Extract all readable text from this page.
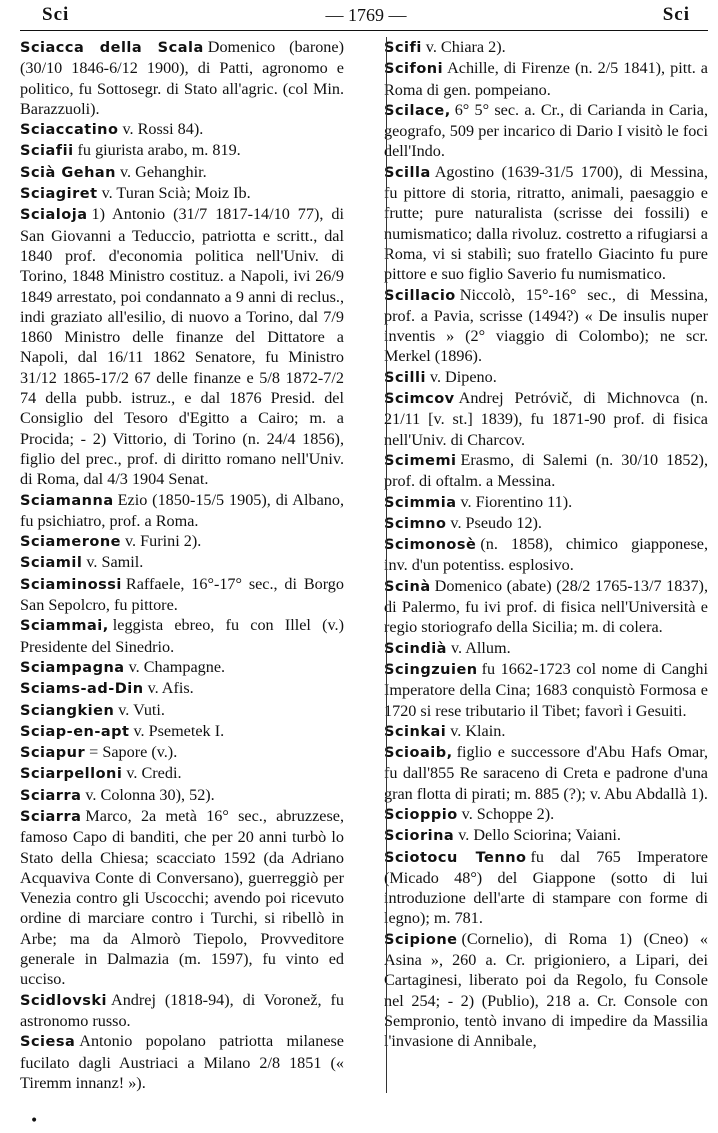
Sci	— 1769 —	Sci
Sciacca della Scala Domenico (barone) (30/10 1846-6/12 1900), di Patti, agronomo e politico, fu Sottosegr. di Stato all'agric. (col Min. Barazzuoli).
Sciaccatino v. Rossi 84).
Sciafii fu giurista arabo, m. 819.
Scià Gehan v. Gehanghir.
Sciagiret v. Turan Scià; Moiz Ib.
Scialoja 1) Antonio (31/7 1817-14/10 77), di San Giovanni a Teduccio, patriotta e scritt., dal 1840 prof. d'economia politica nell'Univ. di Torino, 1848 Ministro costituz. a Napoli, ivi 26/9 1849 arrestato, poi condannato a 9 anni di reclus., indi graziato all'esilio, di nuovo a Torino, dal 7/9 1860 Ministro delle finanze del Dittatore a Napoli, dal 16/11 1862 Senatore, fu Ministro 31/12 1865-17/2 67 delle finanze e 5/8 1872-7/2 74 della pubb. istruz., e dal 1876 Presid. del Consiglio del Tesoro d'Egitto a Cairo; m. a Procida; - 2) Vittorio, di Torino (n. 24/4 1856), figlio del prec., prof. di diritto romano nell'Univ. di Roma, dal 4/3 1904 Senat.
Sciamanna Ezio (1850-15/5 1905), di Albano, fu psichiatro, prof. a Roma.
Sciamerone v. Furini 2).
Sciamil v. Samil.
Sciaminossi Raffaele, 16°-17° sec., di Borgo San Sepolcro, fu pittore.
Sciammai, leggista ebreo, fu con Illel (v.) Presidente del Sinedrio.
Sciampagna v. Champagne.
Sciams-ad-Din v. Afis.
Sciangkien v. Vuti.
Sciap-en-apt v. Psemetek I.
Sciapur = Sapore (v.).
Sciarpelloni v. Credi.
Sciarra v. Colonna 30), 52).
Sciarra Marco, 2a metà 16° sec., abruzzese, famoso Capo di banditi, che per 20 anni turbò lo Stato della Chiesa; scacciato 1592 (da Adriano Acquaviva Conte di Conversano), guerreggiò per Venezia contro gli Uscocchi; avendo poi ricevuto ordine di marciare contro i Turchi, si ribellò in Arbe; ma da Almorò Tiepolo, Provveditore generale in Dalmazia (m. 1597), fu vinto ed ucciso.
Scidlovski Andrej (1818-94), di Voronež, fu astronomo russo.
Sciesa Antonio popolano patriotta milanese fucilato dagli Austriaci a Milano 2/8 1851 (« Tiremm innanz! »).
Scifi v. Chiara 2).
Scifoni Achille, di Firenze (n. 2/5 1841), pitt. a Roma di gen. pompeiano.
Scilace, 6° 5° sec. a. Cr., di Carianda in Caria, geografo, 509 per incarico di Dario I visitò le foci dell'Indo.
Scilla Agostino (1639-31/5 1700), di Messina, fu pittore di storia, ritratto, animali, paesaggio e frutte; pure naturalista (scrisse dei fossili) e numismatico; dalla rivoluz. costretto a rifugiarsi a Roma, vi si stabilì; suo fratello Giacinto fu pure pittore e suo figlio Saverio fu numismatico.
Scillacio Niccolò, 15°-16° sec., di Messina, prof. a Pavia, scrisse (1494?) « De insulis nuper inventis » (2° viaggio di Colombo); ne scr. Merkel (1896).
Scilli v. Dipeno.
Scimcov Andrej Petróvič, di Michnovca (n. 21/11 [v. st.] 1839), fu 1871-90 prof. di fisica nell'Univ. di Charcov.
Scimemi Erasmo, di Salemi (n. 30/10 1852), prof. di oftalm. a Messina.
Scimmia v. Fiorentino 11).
Scimno v. Pseudo 12).
Scimonosè (n. 1858), chimico giapponese, inv. d'un potentiss. esplosivo.
Scinà Domenico (abate) (28/2 1765-13/7 1837), di Palermo, fu ivi prof. di fisica nell'Università e regio storiografo della Sicilia; m. di colera.
Scindià v. Allum.
Scingzuien fu 1662-1723 col nome di Canghi Imperatore della Cina; 1683 conquistò Formosa e 1720 si rese tributario il Tibet; favorì i Gesuiti.
Scinkai v. Klain.
Scioaib, figlio e successore d'Abu Hafs Omar, fu dall'855 Re saraceno di Creta e padrone d'una gran flotta di pirati; m. 885 (?); v. Abu Abdallà 1).
Scioppio v. Schoppe 2).
Sciorina v. Dello Sciorina; Vaiani.
Sciotocu Tenno fu dal 765 Imperatore (Micado 48°) del Giappone (sotto di lui introduzione dell'arte di stampare con forme di legno); m. 781.
Scipione (Cornelio), di Roma 1) (Cneo) « Asina », 260 a. Cr. prigioniero, a Lipari, dei Cartaginesi, liberato poi da Regolo, fu Console nel 254; - 2) (Publio), 218 a. Cr. Console con Sempronio, tentò invano di impedire da Massilia l'invasione di Annibale,
•
